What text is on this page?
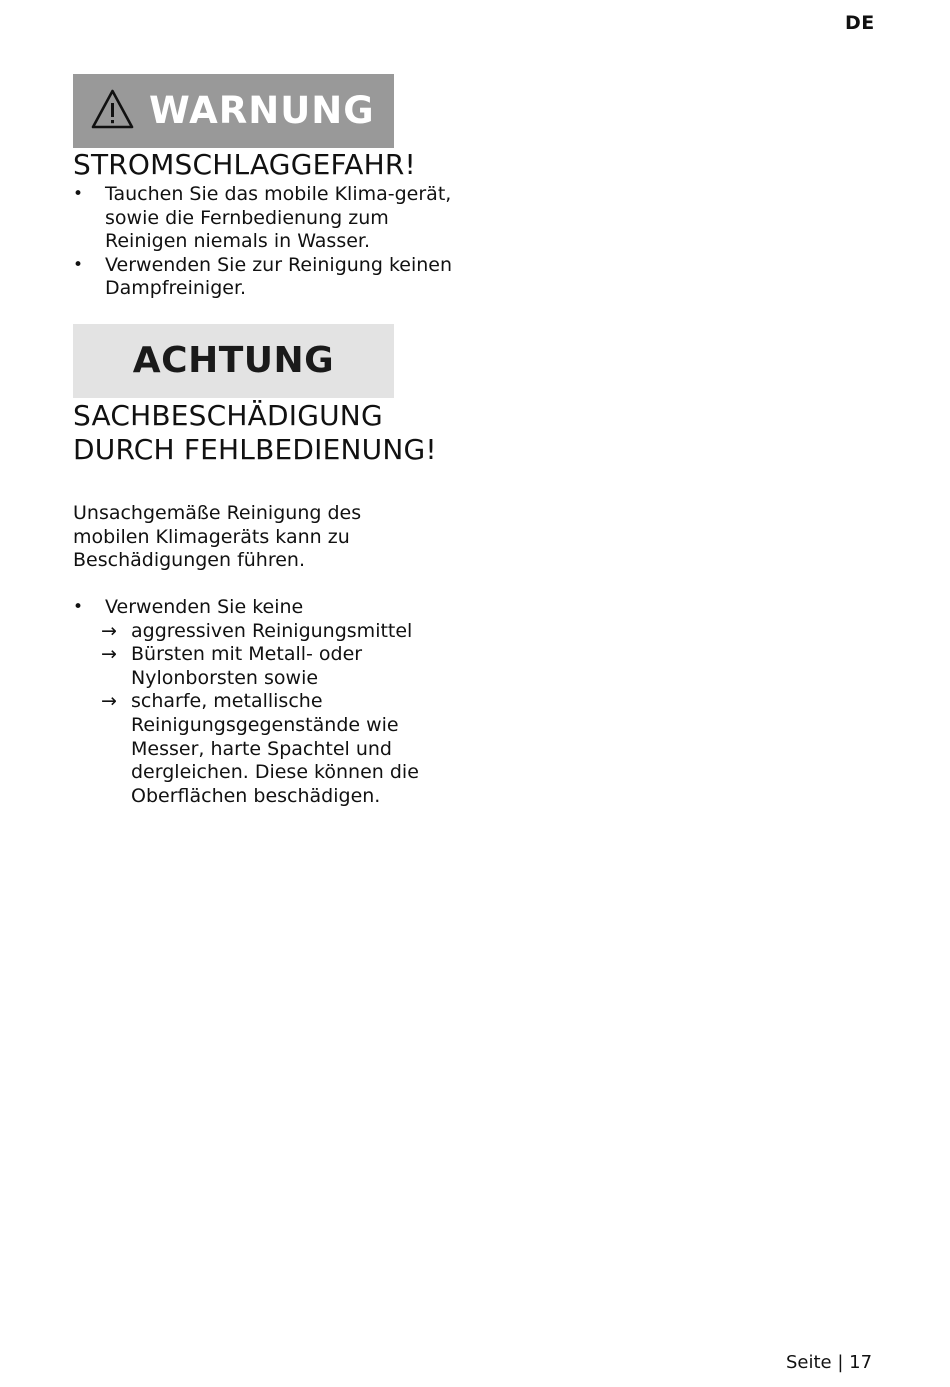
DE
WARNUNG
STROMSCHLAGGEFAHR!
• Tauchen Sie das mobile Klima-gerät, sowie die Fernbedienung zum Reinigen niemals in Wasser.
• Verwenden Sie zur Reinigung keinen Dampfreiniger.
ACHTUNG
SACHBESCHÄDIGUNG DURCH FEHLBEDIENUNG!

Unsachgemäße Reinigung des mobilen Klimageräts kann zu Beschädigungen führen.

• Verwenden Sie keine
→ aggressiven Reinigungsmittel
→ Bürsten mit Metall- oder Nylonborsten sowie
→ scharfe, metallische Reinigungsgegenstände wie Messer, harte Spachtel und dergleichen. Diese können die Oberflächen beschädigen.
Seite | 17
